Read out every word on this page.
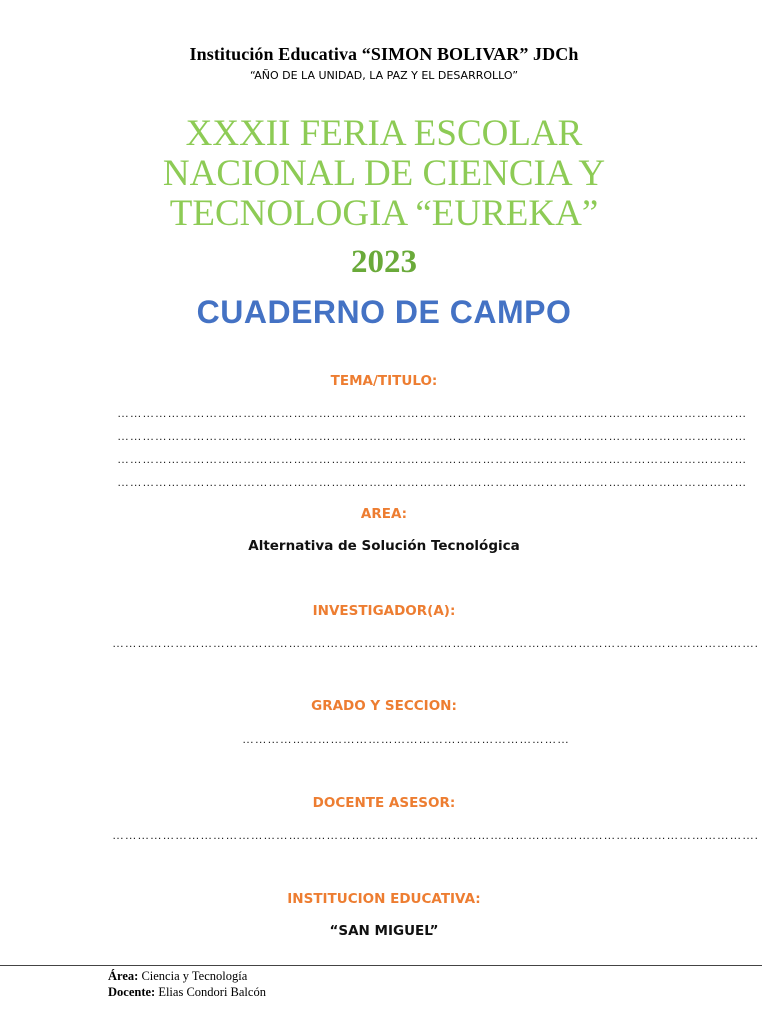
Institución Educativa “SIMON BOLIVAR” JDCh
“AÑO DE LA UNIDAD, LA PAZ Y EL DESARROLLO”
XXXII FERIA ESCOLAR
NACIONAL DE CIENCIA Y
TECNOLOGIA “EUREKA”
2023
CUADERNO DE CAMPO
TEMA/TITULO:
……………………………………………………………………………………………………………………………………
……………………………………………………………………………………………………………………………………
……………………………………………………………………………………………………………………………………
……………………………………………………………………………………………………………………………………
AREA:
Alternativa de Solución Tecnológica
INVESTIGADOR(A):
……………………………………………………………………………………………………………………………………….
GRADO Y SECCION:
……………………………………………………………………
DOCENTE ASESOR:
……………………………………………………………………………………………………………………………………….
INSTITUCION EDUCATIVA:
“SAN MIGUEL”
Área: Ciencia y Tecnología
Docente: Elias Condori Balcón
